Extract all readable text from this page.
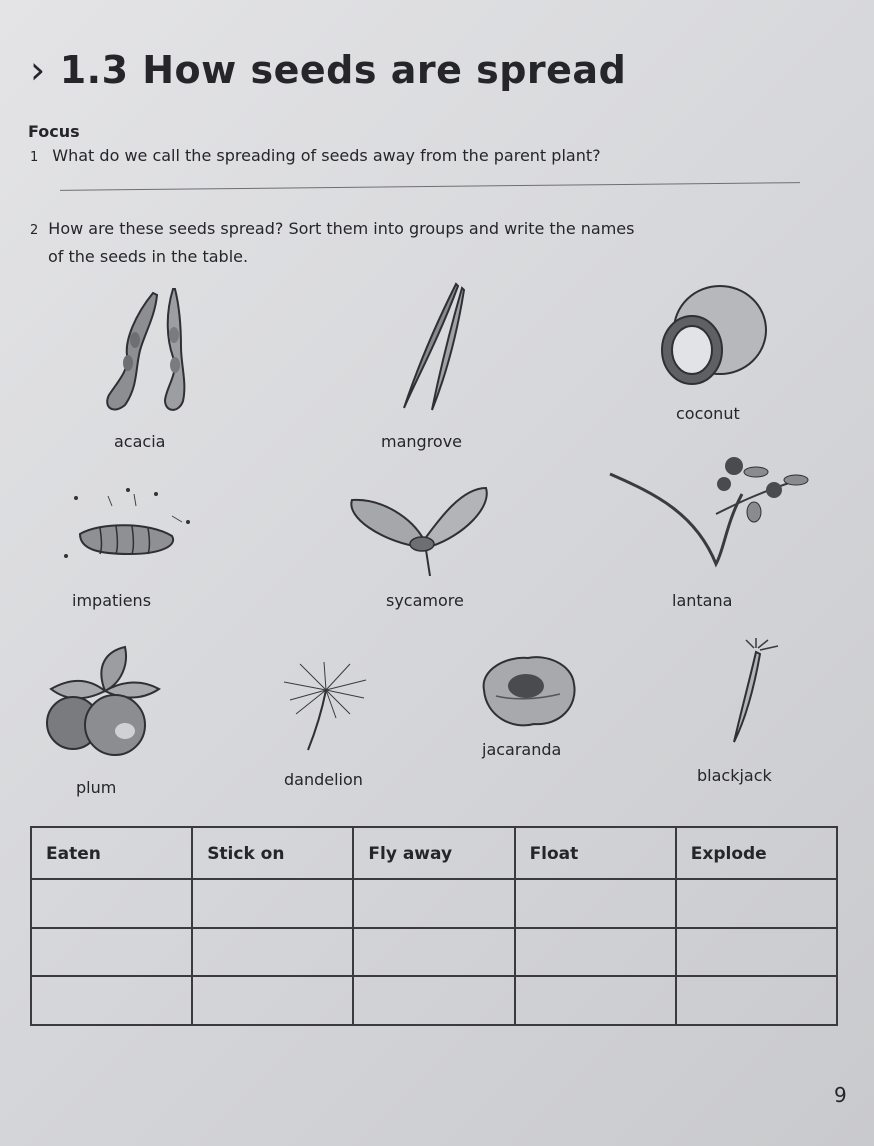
› 1.3 How seeds are spread
Focus
1 What do we call the spreading of seeds away from the parent plant?
2 How are these seeds spread? Sort them into groups and write the names
of the seeds in the table.
acacia	mangrove
coconut
impatiens	sycamore	lantana
plum	dandelion
jacaranda
blackjack
Eaten	Stick on	Fly away	Float	Explode

9
